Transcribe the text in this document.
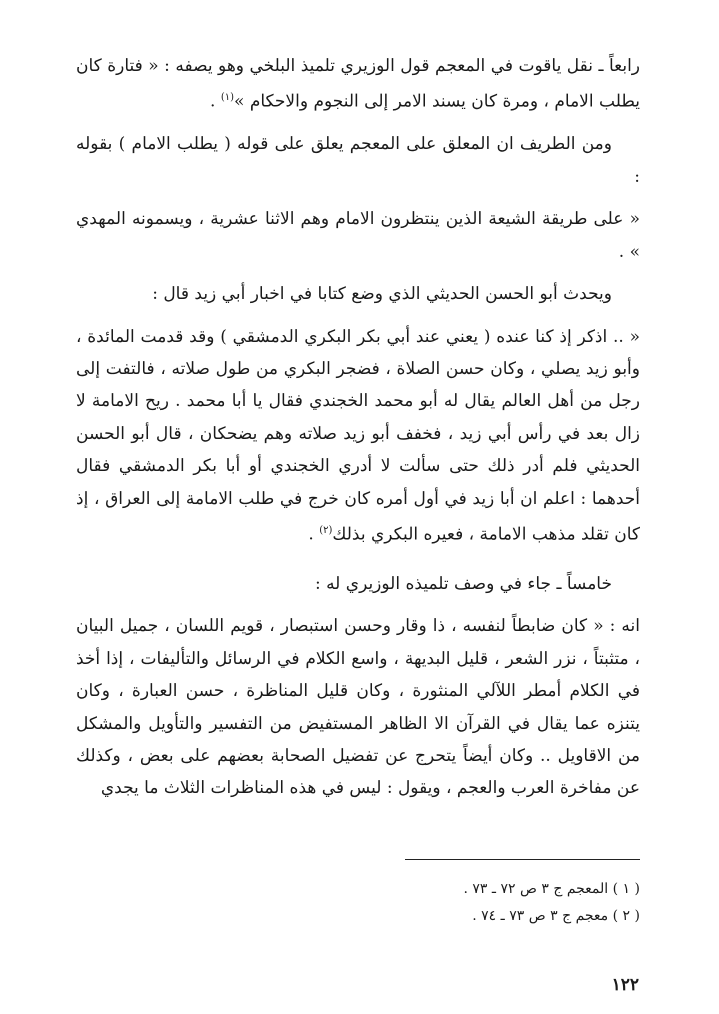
رابعاً ـ نقل ياقوت في المعجم قول الوزيري تلميذ البلخي وهو يصفه : « فتارة كان يطلب الامام ، ومرة كان يسند الامر إلى النجوم والاحكام »$^{(١)}$ .

ومن الطريف ان المعلق على المعجم يعلق على قوله ( يطلب الامام ) بقوله :

« على طريقة الشيعة الذين ينتظرون الامام وهم الاثنا عشرية ، ويسمونه المهدي » .

ويحدث أبو الحسن الحديثي الذي وضع كتابا في اخبار أبي زيد قال :

« .. اذكر إذ كنا عنده ( يعني عند أبي بكر البكري الدمشقي ) وقد قدمت المائدة ، وأبو زيد يصلي ، وكان حسن الصلاة ، فضجر البكري من طول صلاته ، فالتفت إلى رجل من أهل العالم يقال له أبو محمد الخجندي فقال يا أبا محمد . ريح الامامة لا زال بعد في رأس أبي زيد ، فخفف أبو زيد صلاته وهم يضحكان ، قال أبو الحسن الحديثي فلم أدر ذلك حتى سألت لا أدري الخجندي أو أبا بكر الدمشقي فقال أحدهما : اعلم ان أبا زيد في أول أمره كان خرج في طلب الامامة إلى العراق ، إذ كان تقلد مذهب الامامة ، فعيره البكري بذلك$^{(٢)}$ .

خامساً ـ جاء في وصف تلميذه الوزيري له :

انه : « كان ضابطاً لنفسه ، ذا وقار وحسن استبصار ، قويم اللسان ، جميل البيان ، متثبتاً ، نزر الشعر ، قليل البديهة ، واسع الكلام في الرسائل والتأليفات ، إذا أخذ في الكلام أمطر اللآلي المنثورة ، وكان قليل المناظرة ، حسن العبارة ، وكان يتنزه عما يقال في القرآن الا الظاهر المستفيض من التفسير والتأويل والمشكل من الاقاويل .. وكان أيضاً يتحرج عن تفضيل الصحابة بعضهم على بعض ، وكذلك عن مفاخرة العرب والعجم ، ويقول : ليس في هذه المناظرات الثلاث ما يجدي

( ١ ) المعجم ج ٣ ص ٧٢ ـ ٧٣ .

( ٢ ) معجم ج ٣ ص ٧٣ ـ ٧٤ .

١٢٢
